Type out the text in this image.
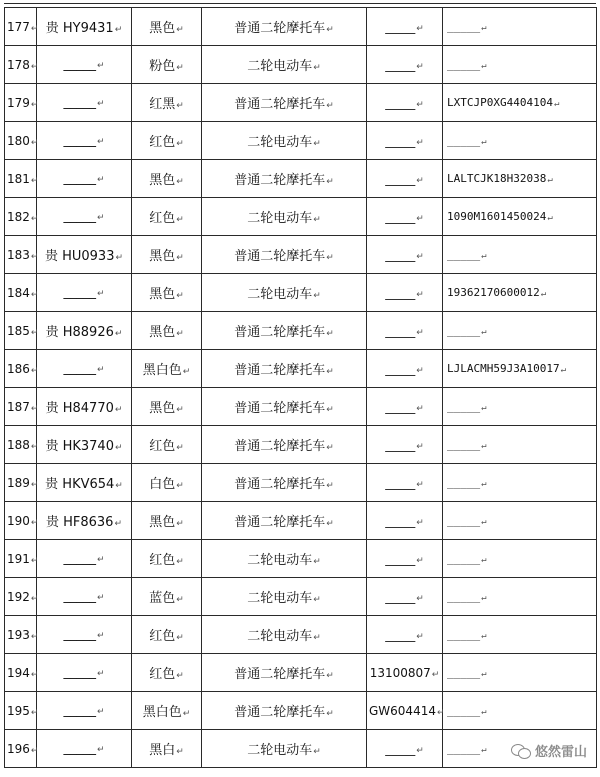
177↵	贵 HY9431↵	黑色↵	普通二轮摩托车↵	_____↵	_____↵
178↵	_____↵	粉色↵	二轮电动车↵	_____↵	_____↵
179↵	_____↵	红黑↵	普通二轮摩托车↵	_____↵	LXTCJP0XG4404104↵
180↵	_____↵	红色↵	二轮电动车↵	_____↵	_____↵
181↵	_____↵	黑色↵	普通二轮摩托车↵	_____↵	LALTCJK18H32038↵
182↵	_____↵	红色↵	二轮电动车↵	_____↵	1090M1601450024↵
183↵	贵 HU0933↵	黑色↵	普通二轮摩托车↵	_____↵	_____↵
184↵	_____↵	黑色↵	二轮电动车↵	_____↵	19362170600012↵
185↵	贵 H88926↵	黑色↵	普通二轮摩托车↵	_____↵	_____↵
186↵	_____↵	黑白色↵	普通二轮摩托车↵	_____↵	LJLACMH59J3A10017↵
187↵	贵 H84770↵	黑色↵	普通二轮摩托车↵	_____↵	_____↵
188↵	贵 HK3740↵	红色↵	普通二轮摩托车↵	_____↵	_____↵
189↵	贵 HKV654↵	白色↵	普通二轮摩托车↵	_____↵	_____↵
190↵	贵 HF8636↵	黑色↵	普通二轮摩托车↵	_____↵	_____↵
191↵	_____↵	红色↵	二轮电动车↵	_____↵	_____↵
192↵	_____↵	蓝色↵	二轮电动车↵	_____↵	_____↵
193↵	_____↵	红色↵	二轮电动车↵	_____↵	_____↵
194↵	_____↵	红色↵	普通二轮摩托车↵	13100807↵	_____↵
195↵	_____↵	黑白色↵	普通二轮摩托车↵	GW604414↵	_____↵
196↵	_____↵	黑白↵	二轮电动车↵	_____↵	_____↵	悠然雷山
